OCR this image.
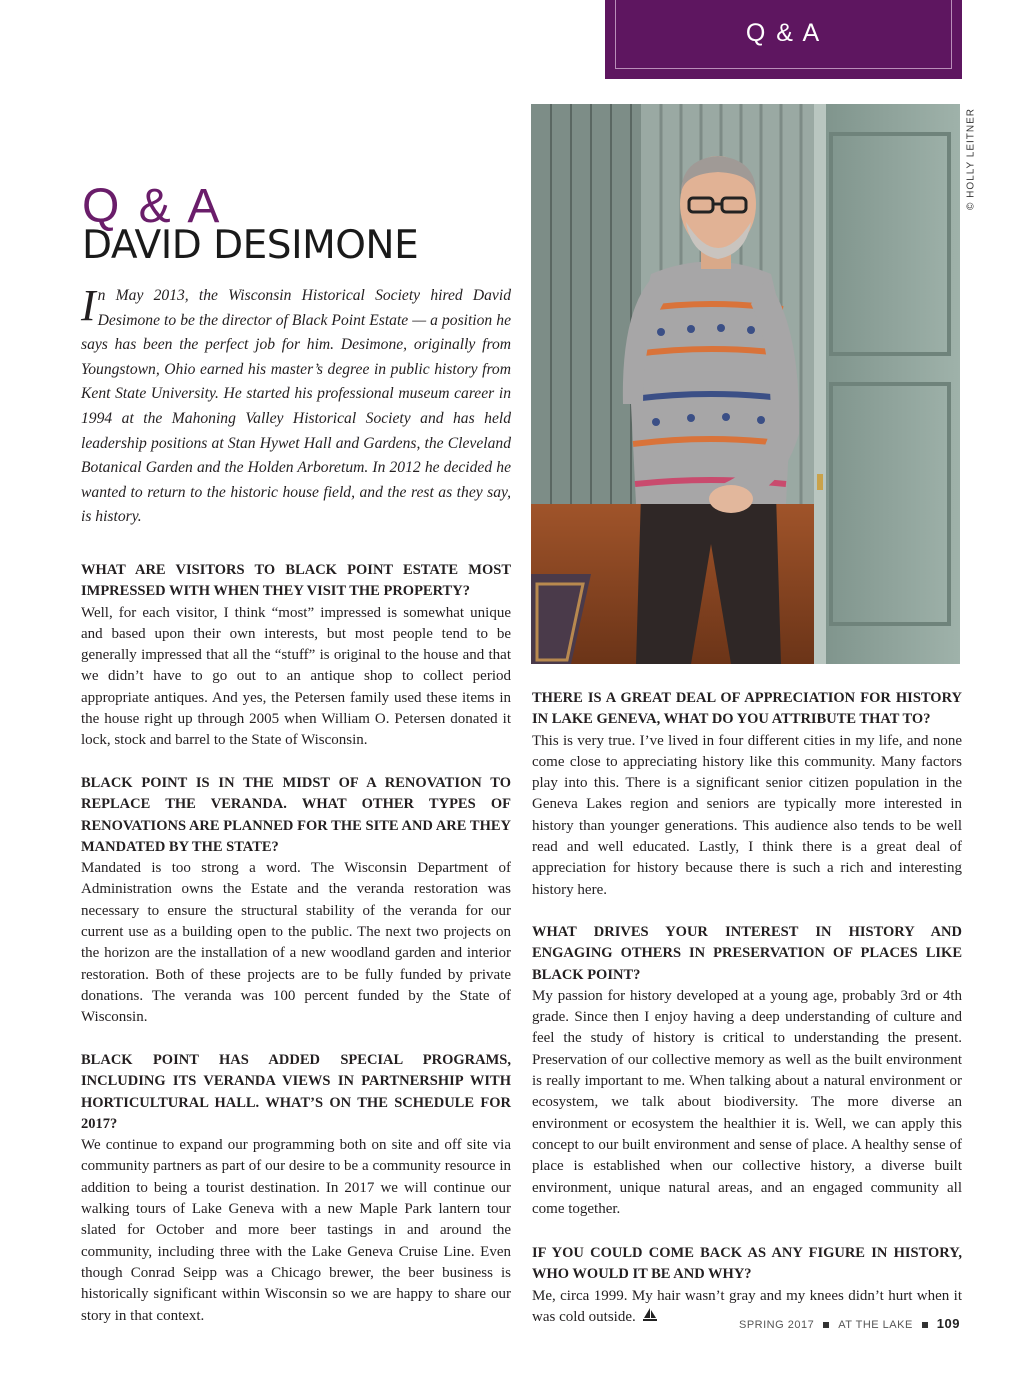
Q & A
© HOLLY LEITNER
Q & A
DAVID DESIMONE

In May 2013, the Wisconsin Historical Society hired David Desimone to be the director of Black Point Estate — a position he says has been the perfect job for him. Desimone, originally from Youngstown, Ohio earned his master’s degree in public history from Kent State University. He started his professional museum career in 1994 at the Mahoning Valley Historical Society and has held leadership positions at Stan Hywet Hall and Gardens, the Cleveland Botanical Garden and the Holden Arboretum. In 2012 he decided he wanted to return to the historic house field, and the rest as they say, is history.

WHAT ARE VISITORS TO BLACK POINT ESTATE MOST IMPRESSED WITH WHEN THEY VISIT THE PROPERTY?

Well, for each visitor, I think “most” impressed is somewhat unique and based upon their own interests, but most people tend to be generally impressed that all the “stuff” is original to the house and that we didn’t have to go out to an antique shop to collect period appropriate antiques. And yes, the Petersen family used these items in the house right up through 2005 when William O. Petersen donated it lock, stock and barrel to the State of Wisconsin.

BLACK POINT IS IN THE MIDST OF A RENOVATION TO REPLACE THE VERANDA. WHAT OTHER TYPES OF RENOVATIONS ARE PLANNED FOR THE SITE AND ARE THEY MANDATED BY THE STATE?

Mandated is too strong a word. The Wisconsin Department of Administration owns the Estate and the veranda restoration was necessary to ensure the structural stability of the veranda for our current use as a building open to the public. The next two projects on the horizon are the installation of a new woodland garden and interior restoration. Both of these projects are to be fully funded by private donations. The veranda was 100 percent funded by the State of Wisconsin.

BLACK POINT HAS ADDED SPECIAL PROGRAMS, INCLUDING ITS VERANDA VIEWS IN PARTNERSHIP WITH HORTICULTURAL HALL. WHAT’S ON THE SCHEDULE FOR 2017?

We continue to expand our programming both on site and off site via community partners as part of our desire to be a community resource in addition to being a tourist destination. In 2017 we will continue our walking tours of Lake Geneva with a new Maple Park lantern tour slated for October and more beer tastings in and around the community, including three with the Lake Geneva Cruise Line. Even though Conrad Seipp was a Chicago brewer, the beer business is historically significant within Wisconsin so we are happy to share our story in that context.

THERE IS A GREAT DEAL OF APPRECIATION FOR HISTORY IN LAKE GENEVA, WHAT DO YOU ATTRIBUTE THAT TO?

This is very true. I’ve lived in four different cities in my life, and none come close to appreciating history like this community. Many factors play into this. There is a significant senior citizen population in the Geneva Lakes region and seniors are typically more interested in history than younger generations. This audience also tends to be well read and well educated. Lastly, I think there is a great deal of appreciation for history because there is such a rich and interesting history here.

WHAT DRIVES YOUR INTEREST IN HISTORY AND ENGAGING OTHERS IN PRESERVATION OF PLACES LIKE BLACK POINT?

My passion for history developed at a young age, probably 3rd or 4th grade. Since then I enjoy having a deep understanding of culture and feel the study of history is critical to understanding the present. Preservation of our collective memory as well as the built environment is really important to me. When talking about a natural environment or ecosystem, we talk about biodiversity. The more diverse an environment or ecosystem the healthier it is. Well, we can apply this concept to our built environment and sense of place. A healthy sense of place is established when our collective history, a diverse built environment, unique natural areas, and an engaged community all come together.

IF YOU COULD COME BACK AS ANY FIGURE IN HISTORY, WHO WOULD IT BE AND WHY?

Me, circa 1999. My hair wasn’t gray and my knees didn’t hurt when it was cold outside.

SPRING 2017 AT THE LAKE 109
